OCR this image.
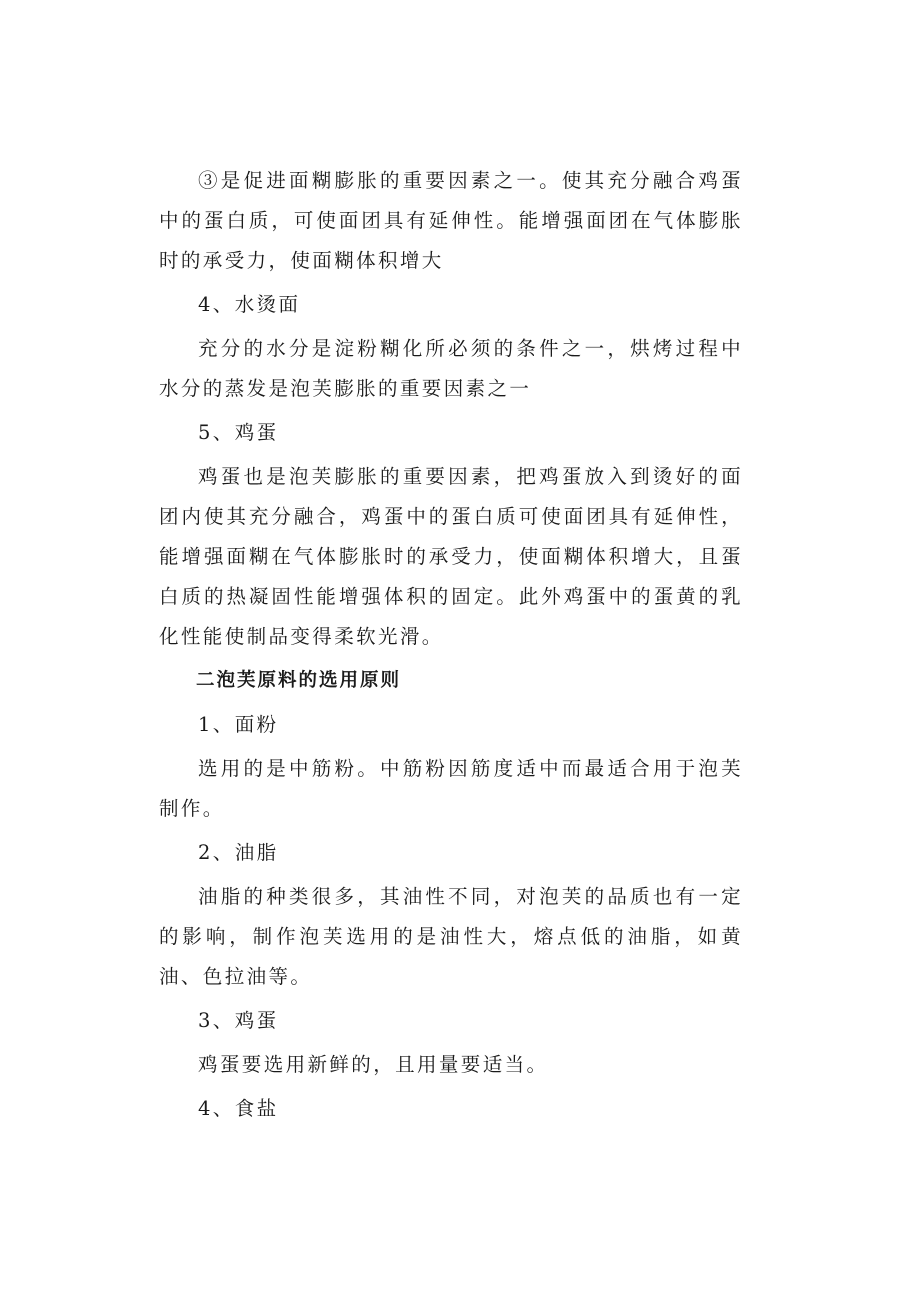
③是促进面糊膨胀的重要因素之一。使其充分融合鸡蛋中的蛋白质，可使面团具有延伸性。能增强面团在气体膨胀时的承受力，使面糊体积增大

4、水烫面

充分的水分是淀粉糊化所必须的条件之一，烘烤过程中水分的蒸发是泡芙膨胀的重要因素之一

5、鸡蛋

鸡蛋也是泡芙膨胀的重要因素，把鸡蛋放入到烫好的面团内使其充分融合，鸡蛋中的蛋白质可使面团具有延伸性，能增强面糊在气体膨胀时的承受力，使面糊体积增大，且蛋白质的热凝固性能增强体积的固定。此外鸡蛋中的蛋黄的乳化性能使制品变得柔软光滑。

二泡芙原料的选用原则

1、面粉

选用的是中筋粉。中筋粉因筋度适中而最适合用于泡芙制作。

2、油脂

油脂的种类很多，其油性不同，对泡芙的品质也有一定的影响，制作泡芙选用的是油性大，熔点低的油脂，如黄油、色拉油等。

3、鸡蛋

鸡蛋要选用新鲜的，且用量要适当。

4、食盐
